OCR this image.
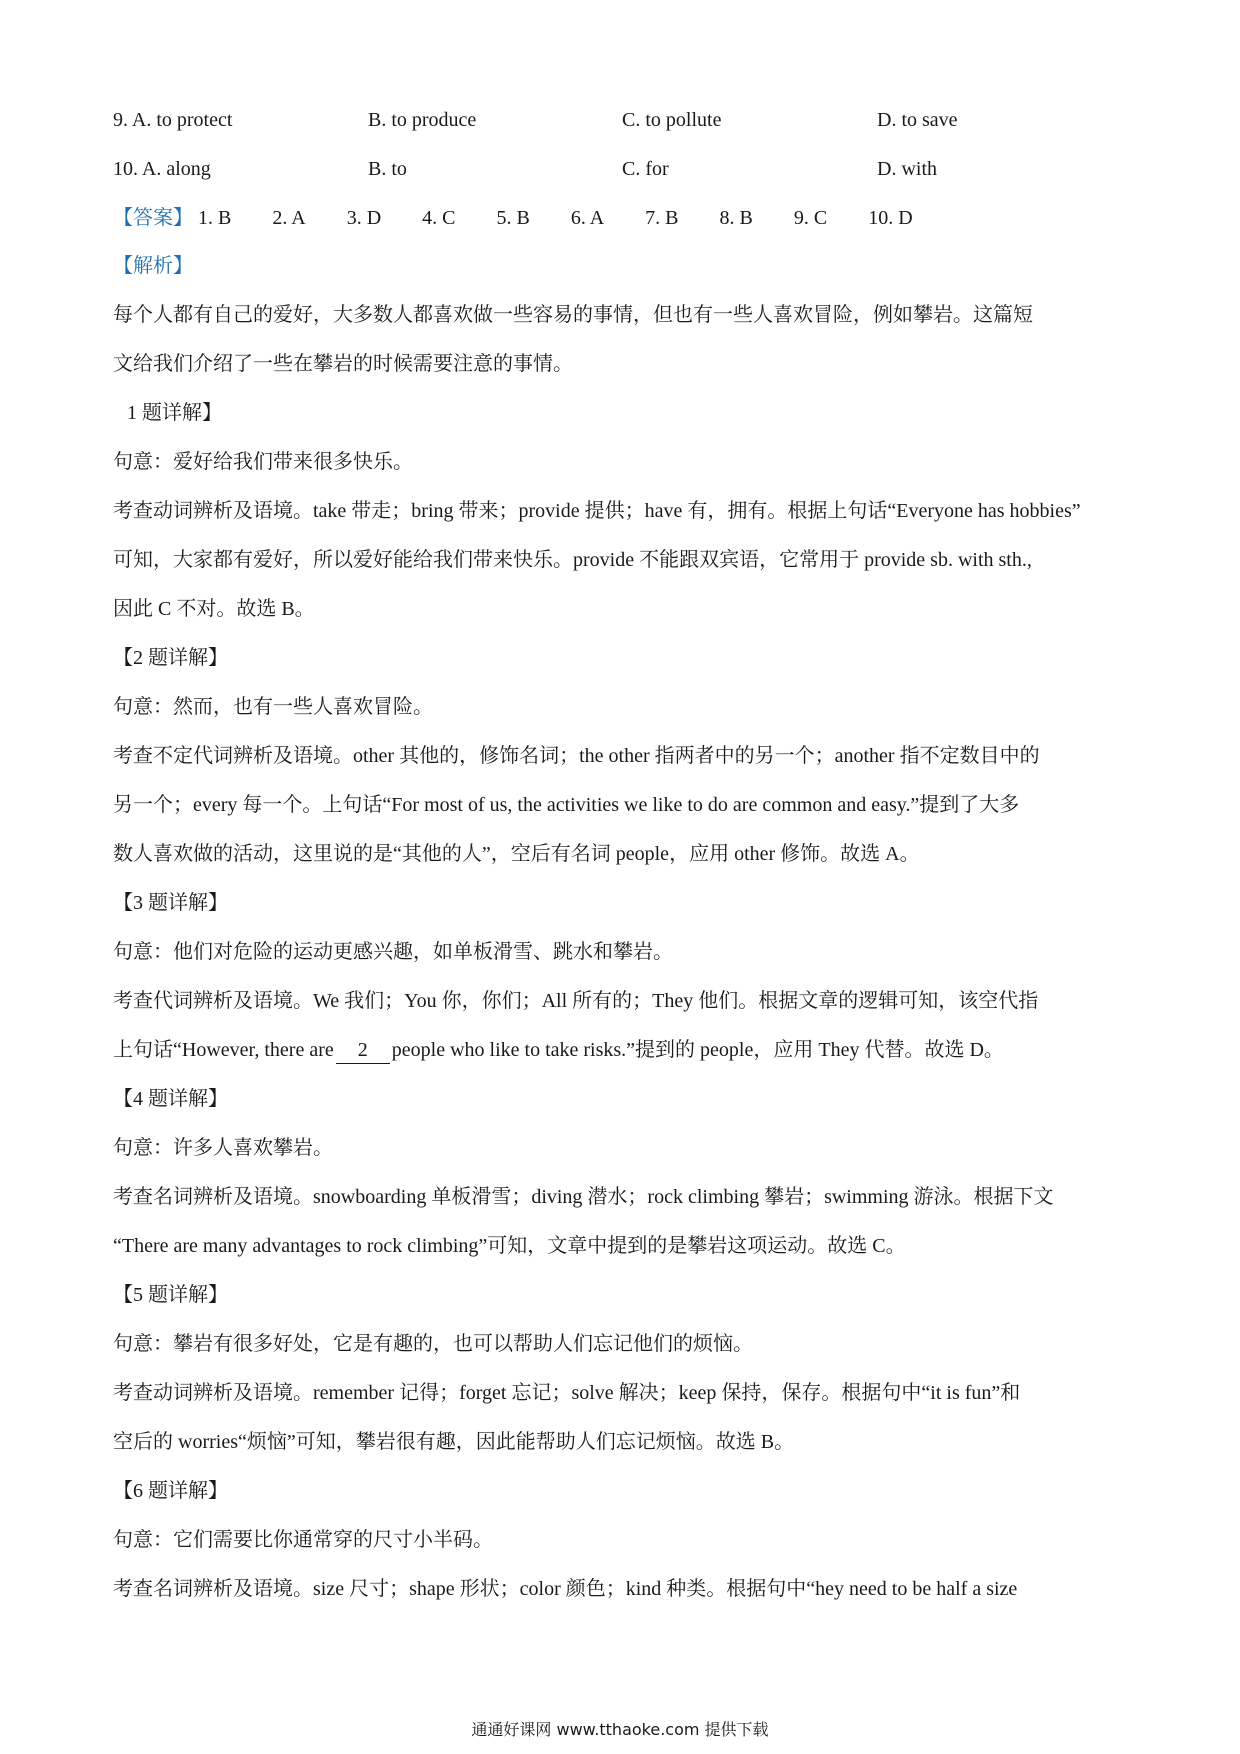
9. A. to protect	B. to produce	C. to pollute	D. to save
10. A. along	B. to	C. for	D. with
【答案】 1. B 2. A 3. D 4. C 5. B 6. A 7. B 8. B 9. C 10. D
【解析】
每个人都有自己的爱好，大多数人都喜欢做一些容易的事情，但也有一些人喜欢冒险，例如攀岩。这篇短
文给我们介绍了一些在攀岩的时候需要注意的事情。
1 题详解】
句意：爱好给我们带来很多快乐。
考查动词辨析及语境。take 带走；bring 带来；provide 提供；have 有，拥有。根据上句话“Everyone has hobbies”
可知，大家都有爱好，所以爱好能给我们带来快乐。provide 不能跟双宾语，它常用于 provide sb. with sth.,
因此 C 不对。故选 B。
【2 题详解】
句意：然而，也有一些人喜欢冒险。
考查不定代词辨析及语境。other 其他的，修饰名词；the other 指两者中的另一个；another 指不定数目中的
另一个；every 每一个。上句话“For most of us, the activities we like to do are common and easy.”提到了大多
数人喜欢做的活动，这里说的是“其他的人”，空后有名词 people，应用 other 修饰。故选 A。
【3 题详解】
句意：他们对危险的运动更感兴趣，如单板滑雪、跳水和攀岩。
考查代词辨析及语境。We 我们；You 你，你们；All 所有的；They 他们。根据文章的逻辑可知，该空代指
上句话“However, there are 2 people who like to take risks.”提到的 people，应用 They 代替。故选 D。
【4 题详解】
句意：许多人喜欢攀岩。
考查名词辨析及语境。snowboarding 单板滑雪；diving 潜水；rock climbing 攀岩；swimming 游泳。根据下文
“There are many advantages to rock climbing”可知，文章中提到的是攀岩这项运动。故选 C。
【5 题详解】
句意：攀岩有很多好处，它是有趣的，也可以帮助人们忘记他们的烦恼。
考查动词辨析及语境。remember 记得；forget 忘记；solve 解决；keep 保持，保存。根据句中“it is fun”和
空后的 worries“烦恼”可知，攀岩很有趣，因此能帮助人们忘记烦恼。故选 B。
【6 题详解】
句意：它们需要比你通常穿的尺寸小半码。
考查名词辨析及语境。size 尺寸；shape 形状；color 颜色；kind 种类。根据句中“hey need to be half a size
通通好课网 www.tthaoke.com 提供下载
